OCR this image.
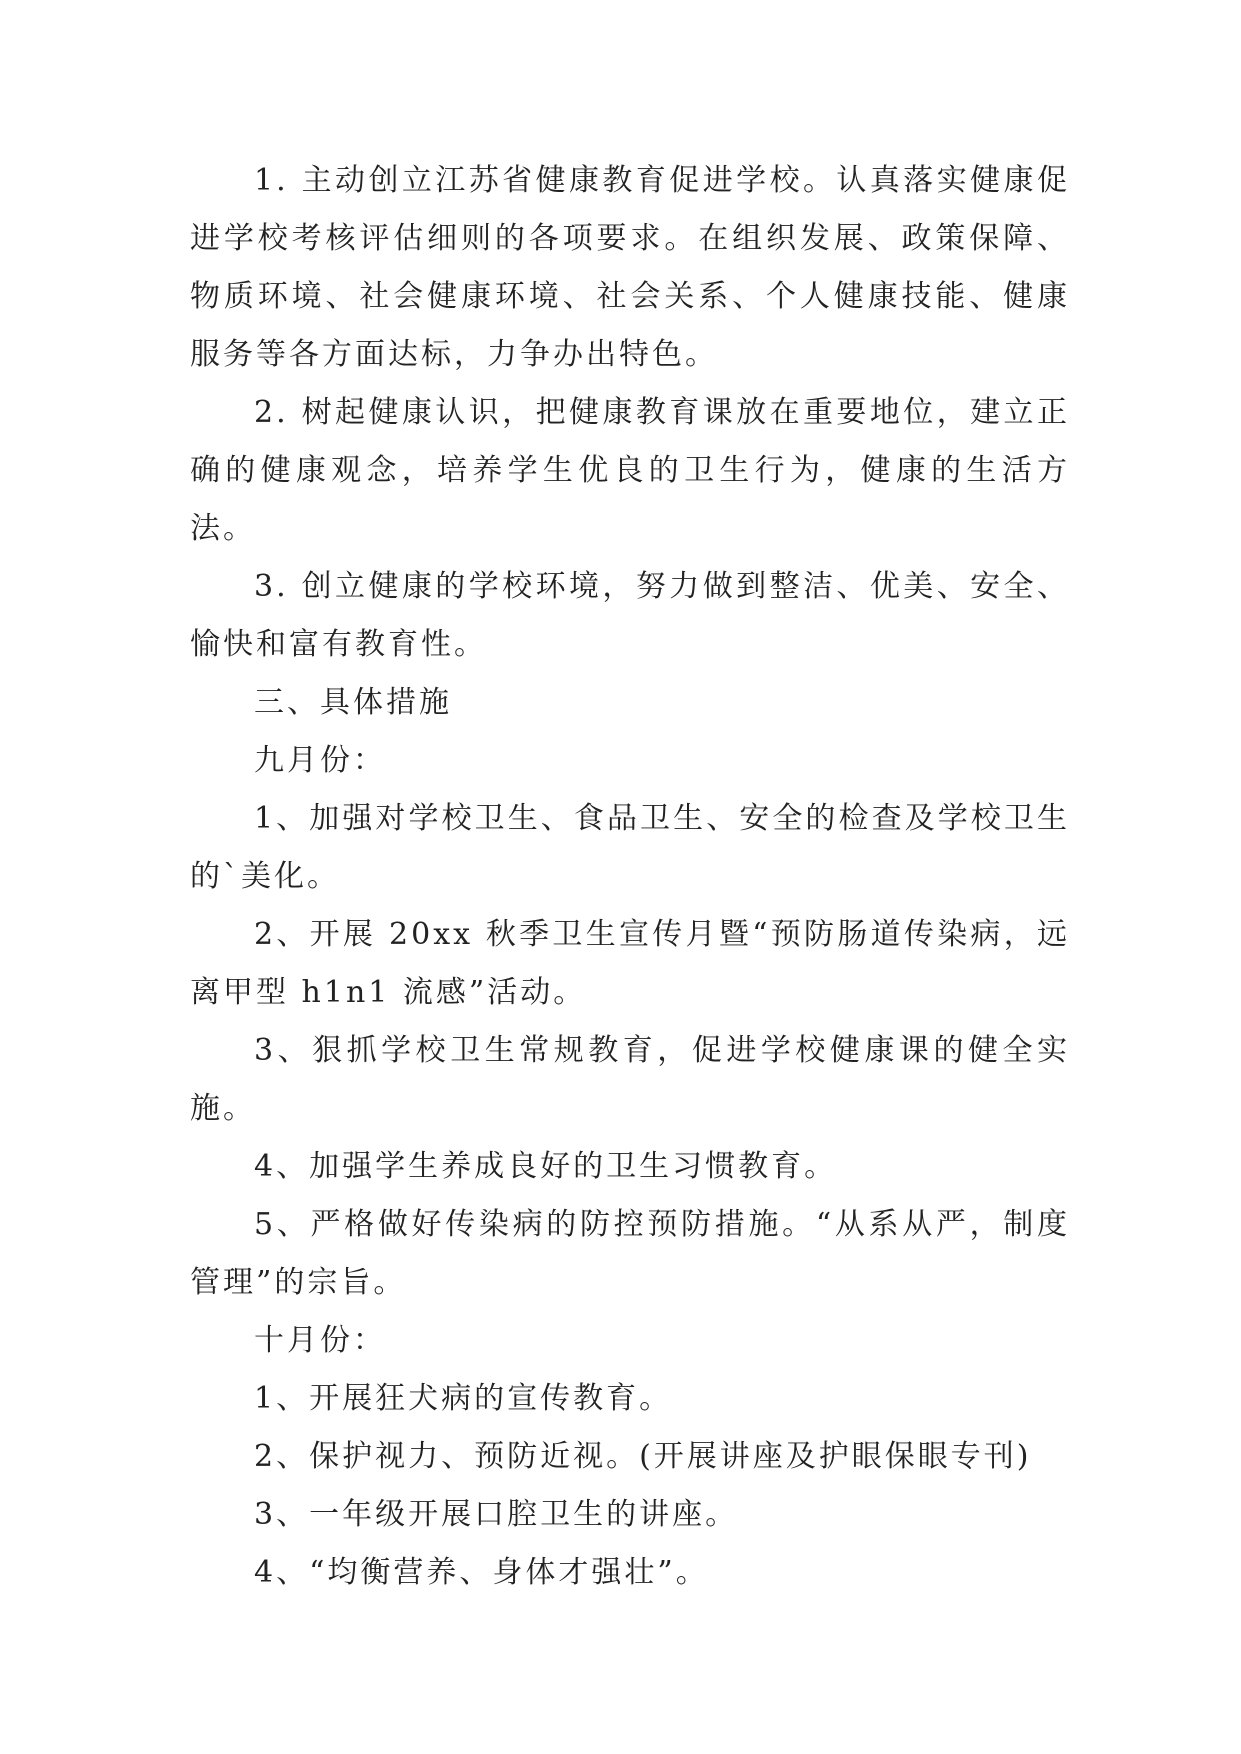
1. 主动创立江苏省健康教育促进学校。认真落实健康促进学校考核评估细则的各项要求。在组织发展、政策保障、物质环境、社会健康环境、社会关系、个人健康技能、健康服务等各方面达标，力争办出特色。

2. 树起健康认识，把健康教育课放在重要地位，建立正确的健康观念，培养学生优良的卫生行为，健康的生活方法。

3. 创立健康的学校环境，努力做到整洁、优美、安全、愉快和富有教育性。

三、具体措施

九月份：

1、加强对学校卫生、食品卫生、安全的检查及学校卫生的`美化。

2、开展 20xx 秋季卫生宣传月暨“预防肠道传染病，远离甲型 h1n1 流感”活动。

3、狠抓学校卫生常规教育，促进学校健康课的健全实施。

4、加强学生养成良好的卫生习惯教育。

5、严格做好传染病的防控预防措施。“从系从严，制度管理”的宗旨。

十月份：

1、开展狂犬病的宣传教育。

2、保护视力、预防近视。(开展讲座及护眼保眼专刊)

3、一年级开展口腔卫生的讲座。

4、“均衡营养、身体才强壮”。
